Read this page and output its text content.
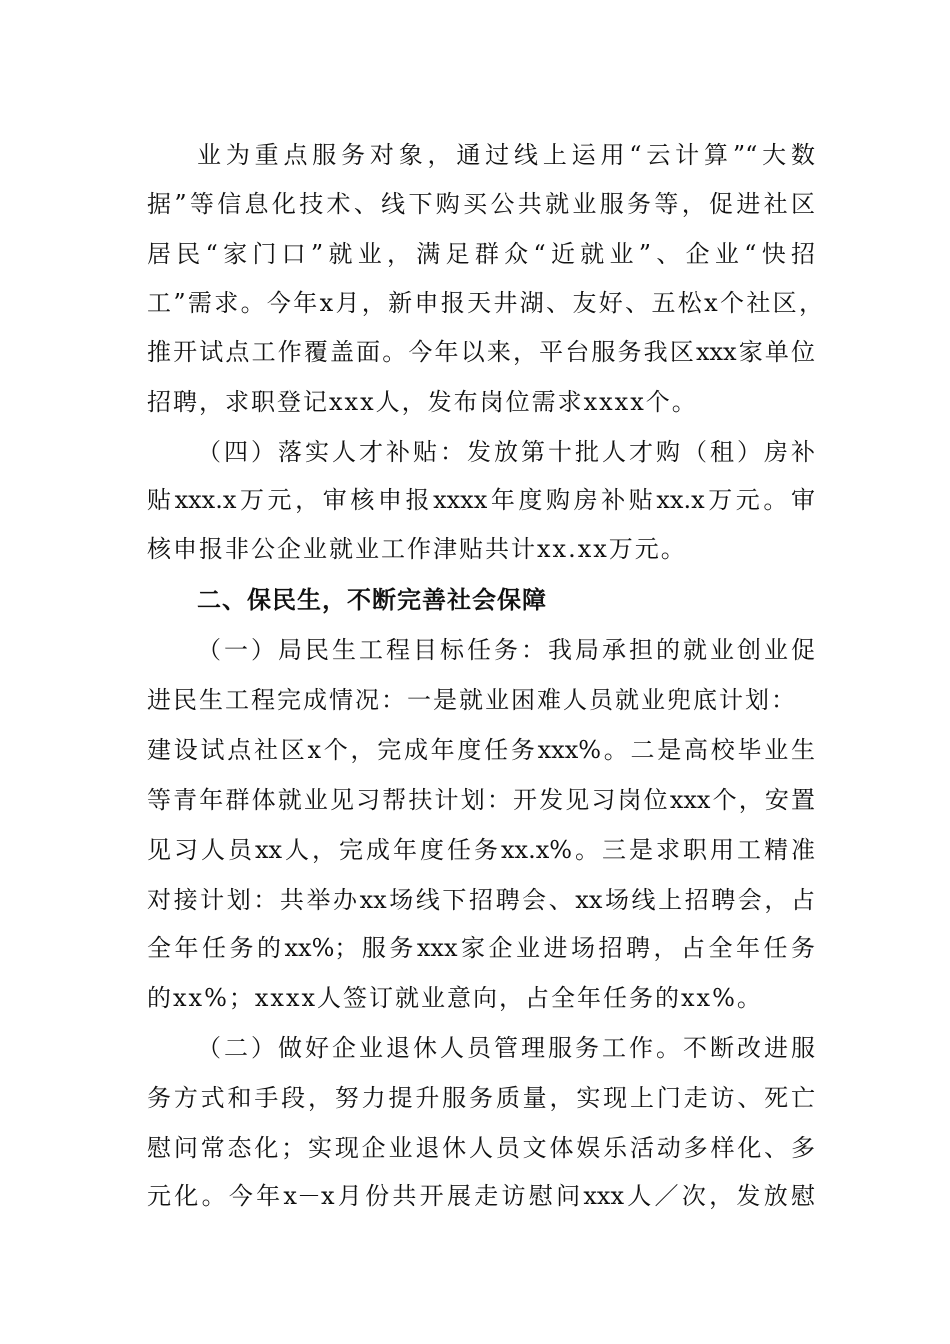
业为重点服务对象，通过线上运用“云计算”“大数
据”等信息化技术、线下购买公共就业服务等，促进社区
居民“家门口”就业，满足群众“近就业”、企业“快招
工”需求。今年x月，新申报天井湖、友好、五松x个社区，
推开试点工作覆盖面。今年以来，平台服务我区xxx家单位
招聘，求职登记xxx人，发布岗位需求xxxx个。
（四）落实人才补贴：发放第十批人才购（租）房补
贴xxx.x万元，审核申报xxxx年度购房补贴xx.x万元。审
核申报非公企业就业工作津贴共计xx.xx万元。
二、保民生，不断完善社会保障
（一）局民生工程目标任务：我局承担的就业创业促
进民生工程完成情况：一是就业困难人员就业兜底计划：
建设试点社区x个，完成年度任务xxx%。二是高校毕业生
等青年群体就业见习帮扶计划：开发见习岗位xxx个，安置
见习人员xx人，完成年度任务xx.x%。三是求职用工精准
对接计划：共举办xx场线下招聘会、xx场线上招聘会，占
全年任务的xx%；服务xxx家企业进场招聘，占全年任务
的xx%；xxxx人签订就业意向，占全年任务的xx%。
（二）做好企业退休人员管理服务工作。不断改进服
务方式和手段，努力提升服务质量，实现上门走访、死亡
慰问常态化；实现企业退休人员文体娱乐活动多样化、多
元化。今年x－x月份共开展走访慰问xxx人／次，发放慰
